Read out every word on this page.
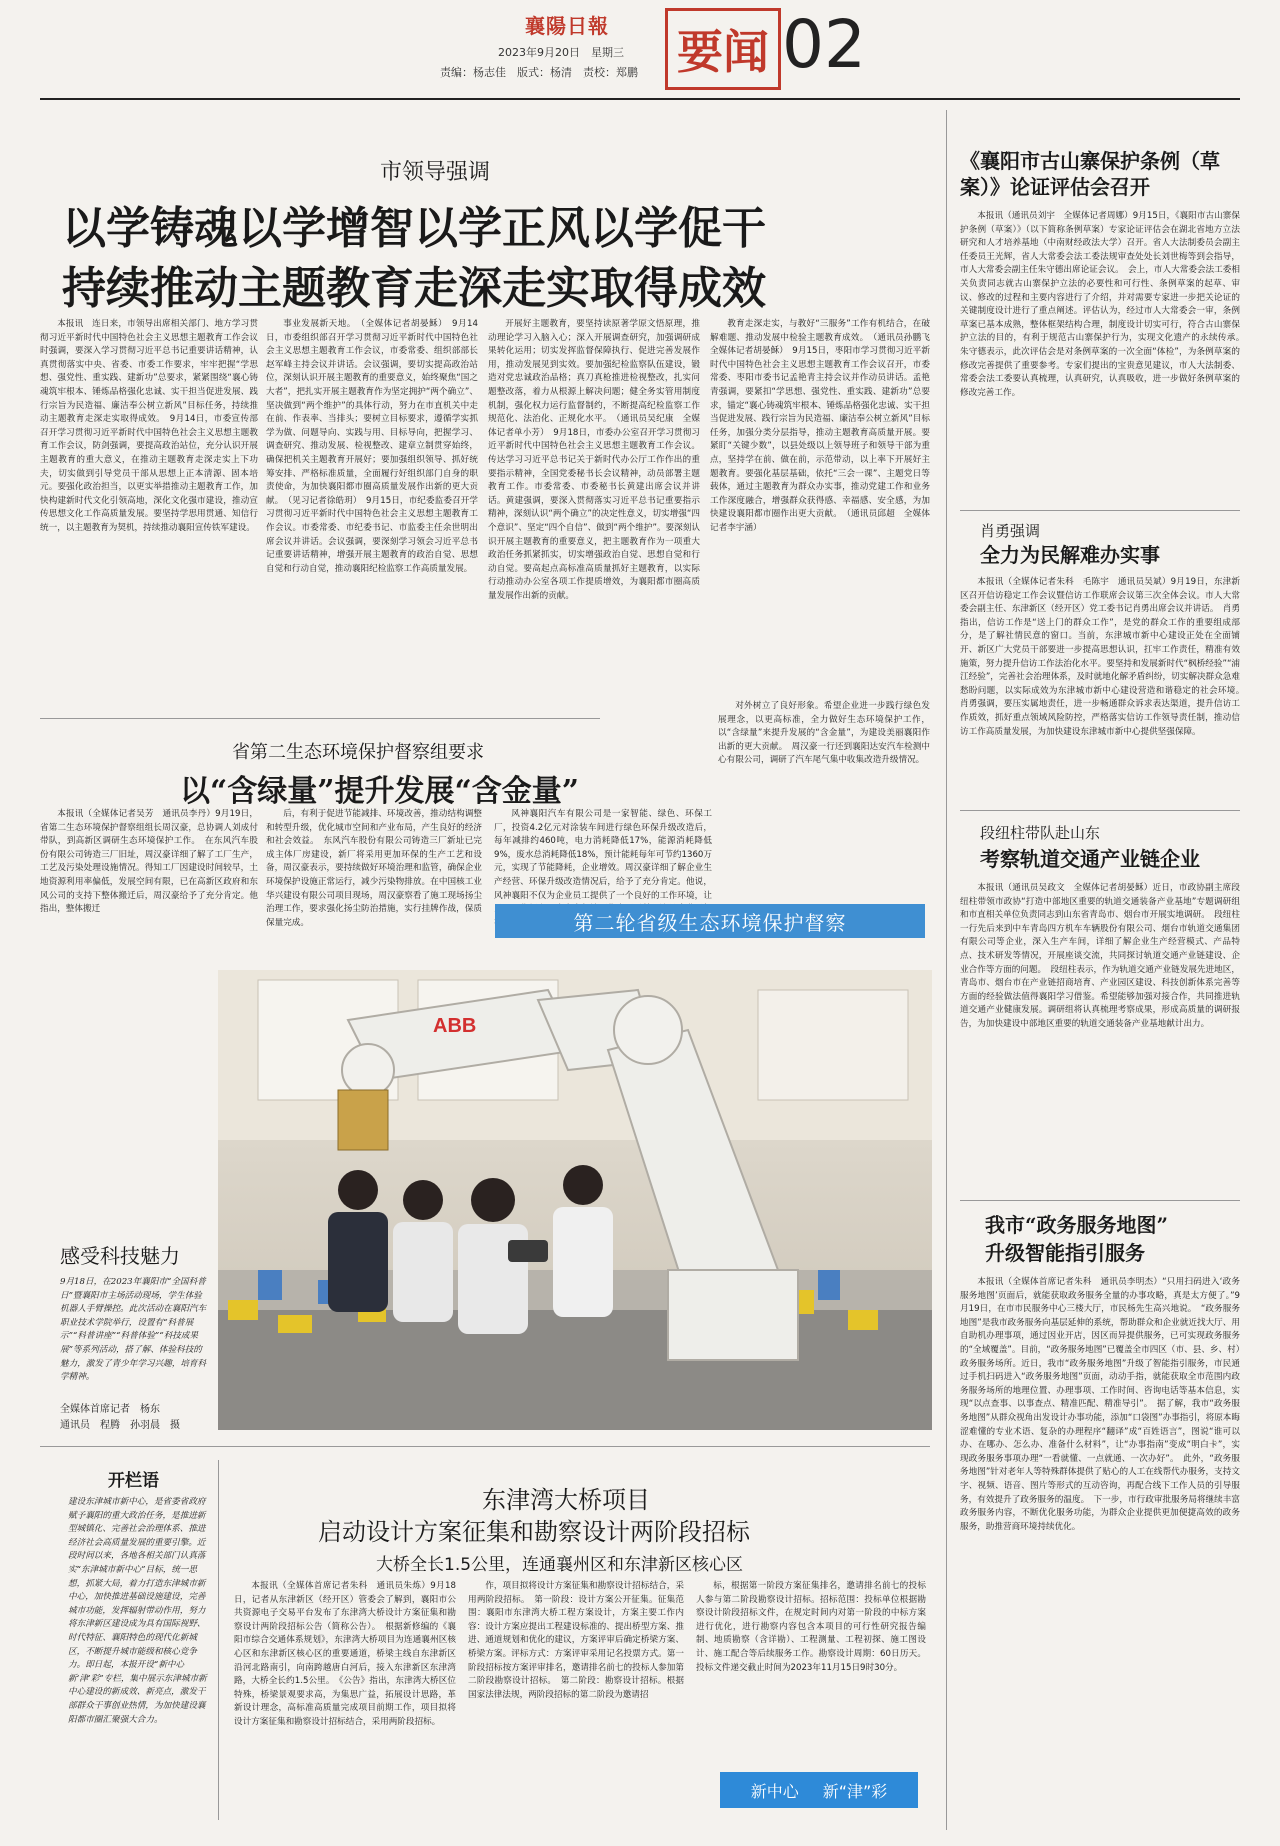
襄陽日報
2023年9月20日　星期三
责编：杨志佳　版式：杨清　责校：郑鹏 要闻 02
市领导强调
以学铸魂以学增智以学正风以学促干
持续推动主题教育走深走实取得成效

本报讯　连日来，市领导出席相关部门、地方学习贯彻习近平新时代中国特色社会主义思想主题教育工作会议时强调，要深入学习贯彻习近平总书记重要讲话精神，认真贯彻落实中央、省委、市委工作要求，牢牢把握“学思想、强党性、重实践、建新功”总要求，紧紧围绕“襄心铸魂筑牢根本、锤炼品格强化忠诚、实干担当促进发展、践行宗旨为民造福、廉洁奉公树立新风”目标任务，持续推动主题教育走深走实取得成效。　9月14日，市委宣传部召开学习贯彻习近平新时代中国特色社会主义思想主题教育工作会议，防剑强调，要提高政治站位，充分认识开展主题教育的重大意义，在推动主题教育走深走实上下功夫，切实做到引导党员干部从思想上正本清源、固本培元。要强化政治担当，以更实举措推动主题教育工作，加快构建新时代文化引领高地，深化文化强市建设，推动宣传思想文化工作高质量发展。要坚持学思用贯通、知信行统一，以主题教育为契机，持续推动襄阳宣传铁军建设。

事业发展新天地。　（全媒体记者胡晏稣）　9月14日，市委组织部召开学习贯彻习近平新时代中国特色社会主义思想主题教育工作会议，市委常委、组织部部长赵军峰主持会议并讲话。会议强调，要切实提高政治站位，深刻认识开展主题教育的重要意义，始终聚焦“国之大者”，把扎实开展主题教育作为坚定拥护“两个确立”、坚决做到“两个维护”的具体行动，努力在市直机关中走在前、作表率、当排头；要树立目标要求，遵循学实抓学为做、问题导向、实践与用、目标导向，把握学习、调查研究、推动发展、检视整改、建章立制贯穿始终，确保把机关主题教育开展好；要加强组织领导、抓好统筹安排、严格标准质量，全面履行好组织部门自身的职责使命，为加快襄阳都市圈高质量发展作出新的更大贡献。　（见习记者徐皓玥）　9月15日，市纪委监委召开学习贯彻习近平新时代中国特色社会主义思想主题教育工作会议。市委常委、市纪委书记、市监委主任余世明出席会议并讲话。会议强调，要深刻学习领会习近平总书记重要讲话精神，增强开展主题教育的政治自觉、思想自觉和行动自觉，推动襄阳纪检监察工作高质量发展。

开展好主题教育，要坚持读原著学原文悟原理，推动理论学习入脑入心；深入开展调查研究，加强调研成果转化运用；切实发挥监督保障执行、促进完善发展作用，推动发展见到实效。要加强纪检监察队伍建设，锻造对党忠诚政治品格；真刀真枪推进检视整改，扎实问题整改落，着力从根源上解决问题；健全务实管用制度机制，强化权力运行监督制约，不断提高纪检监察工作规范化、法治化、正规化水平。　（通讯员吴纪康　全媒体记者单小芳）　9月18日，市委办公室召开学习贯彻习近平新时代中国特色社会主义思想主题教育工作会议。传达学习习近平总书记关于新时代办公厅工作作出的重要指示精神，全国党委秘书长会议精神，动员部署主题教育工作。市委常委、市委秘书长黄建出席会议并讲话。黄建强调，要深入贯彻落实习近平总书记重要指示精神，深刻认识“两个确立”的决定性意义，切实增强“四个意识”、坚定“四个自信”、做到“两个维护”。要深刻认识开展主题教育的重要意义，把主题教育作为一项重大政治任务抓紧抓实，切实增强政治自觉、思想自觉和行动自觉。要高起点高标准高质量抓好主题教育，以实际行动推动办公室各项工作提质增效，为襄阳都市圈高质量发展作出新的贡献。

教育走深走实，与教好“三服务”工作有机结合，在破解难题、推动发展中检验主题教育成效。　（通讯员孙鹏飞　全媒体记者胡晏稣）　9月15日，枣阳市学习贯彻习近平新时代中国特色社会主义思想主题教育工作会议召开，市委常委、枣阳市委书记孟艳青主持会议并作动员讲话。孟艳青强调，要紧扣“学思想、强党性、重实践、建新功”总要求，锚定“襄心铸魂筑牢根本、锤炼品格强化忠诚、实干担当促进发展、践行宗旨为民造福、廉洁奉公树立新风”目标任务，加强分类分层指导，推动主题教育高质量开展。要紧盯“关键少数”，以县处级以上领导班子和领导干部为重点，坚持学在前、做在前，示范带动，以上率下开展好主题教育。要强化基层基础，依托“三会一课”、主题党日等载体，通过主题教育为群众办实事，推动党建工作和业务工作深度融合，增强群众获得感、幸福感、安全感，为加快建设襄阳都市圈作出更大贡献。　（通讯员邱超　全媒体记者李宇涵）

省第二生态环境保护督察组要求
以“含绿量”提升发展“含金量”

本报讯（全媒体记者吴芳　通讯员李丹）9月19日，省第二生态环境保护督察组组长周汉豪，总协调人刘成付带队，到高新区调研生态环境保护工作。　在东风汽车股份有限公司铸造三厂旧址，周汉豪详细了解了工厂生产，工艺及污染处理设施情况。得知工厂因建设时间较早，土地资源利用率偏低，发展空间有限，已在高新区政府和东风公司的支持下整体搬迁后，周汉豪给予了充分肯定。他指出，整体搬迁

后，有利于促进节能减排、环境改善，推动结构调整和转型升级，优化城市空间和产业布局，产生良好的经济和社会效益。　东风汽车股份有限公司铸造三厂新址已完成主体厂房建设，新厂将采用更加环保的生产工艺和设备，周汉豪表示，要持续做好环境治理和监管，确保企业环境保护设施正常运行，减少污染物排放。在中国核工业华兴建设有限公司项目现场，周汉豪察看了施工现场扬尘治理工作，要求强化扬尘防治措施，实行挂牌作战，保质保量完成。

风神襄阳汽车有限公司是一家智能、绿色、环保工厂，投资4.2亿元对涂装车间进行绿色环保升级改造后，每年减排约460吨，电力消耗降低17%，能源消耗降低9%，废水总消耗降低18%，预计能耗每年可节约1360万元，实现了节能降耗，企业增效。周汉豪详细了解企业生产经营、环保升级改造情况后，给予了充分肯定。他说，风神襄阳不仅为企业员工提供了一个良好的工作环境，让

对外树立了良好形象。希望企业进一步践行绿色发展理念，以更高标准，全力做好生态环境保护工作，以“含绿量”来提升发展的“含金量”，为建设美丽襄阳作出新的更大贡献。　周汉豪一行还到襄阳达安汽车检测中心有限公司，调研了汽车尾气集中收集改造升级情况。

第二轮省级生态环境保护督察
ABB
感受科技魅力
9月18日，在2023年襄阳市“全国科普日”暨襄阳市主场活动现场，学生体验机器人手臂操控。此次活动在襄阳汽车职业技术学院举行，设置有“科普展示”“科普讲座”“科普体验”“科技成果展”等系列活动，搭了解、体验科技的魅力，激发了青少年学习兴趣，培育科学精神。
全媒体首席记者　杨东
通讯员　程腾　孙羽晨　摄
开栏语
建设东津城市新中心，是省委省政府赋予襄阳的重大政治任务，是推进新型城镇化、完善社会治理体系、推进经济社会高质量发展的重要引擎。近段时间以来，各地各相关部门认真落实“东津城市新中心”目标，统一思想，抓紧大局，着力打造东津城市新中心，加快推进基础设施建设，完善城市功能，发挥辐射带动作用，努力将东津新区建设成为具有国际视野、时代特征、襄阳特色的现代化新城区，不断提升城市能级和核心竞争力。即日起，本报开设“新中心　新‘津’彩”专栏，集中展示东津城市新中心建设的新成效、新亮点，激发干部群众干事创业热情，为加快建设襄阳都市圈汇聚强大合力。
东津湾大桥项目
启动设计方案征集和勘察设计两阶段招标
大桥全长1.5公里，连通襄州区和东津新区核心区

本报讯（全媒体首席记者朱科　通讯员朱炼）9月18日，记者从东津新区（经开区）管委会了解到，襄阳市公共资源电子交易平台发布了东津湾大桥设计方案征集和勘察设计两阶段招标公告（简称公告）。　根据新修编的《襄阳市综合交通体系规划》，东津湾大桥项目为连通襄州区核心区和东津新区核心区的重要通道，桥梁主线自东津新区沿河北路南引，向南跨越唐白河后，接入东津新区东津湾路，大桥全长约1.5公里。　《公告》指出，东津湾大桥区位特殊，桥梁景观要求高，为集思广益，拓展设计思路，革新设计理念，高标准高质量完成项目前期工作，项目拟将设计方案征集和勘察设计招标结合，采用两阶段招标。

作，项目拟将设计方案征集和勘察设计招标结合，采用两阶段招标。　第一阶段：设计方案公开征集。征集范围：襄阳市东津湾大桥工程方案设计，方案主要工作内容：设计方案应提出工程建设标准的、提出桥型方案、推进、通道规划和优化的建议，方案评审后确定桥梁方案、桥梁方案。评标方式：方案评审采用记名投票方式。第一阶段招标按方案评审排名，邀请排名前七的投标人参加第二阶段勘察设计招标。　第二阶段：勘察设计招标。根据国家法律法规，两阶段招标的第二阶段为邀请招

标，根据第一阶段方案征集排名，邀请排名前七的投标人参与第二阶段勘察设计招标。招标范围：投标单位根据勘察设计阶段招标文件，在规定时间内对第一阶段的中标方案进行优化，进行勘察内容包含本项目的可行性研究报告编制、地质勘察（含详勘）、工程测量、工程初探、施工图设计、施工配合等后续服务工作。勘察设计周期：60日历天。投标文件递交截止时间为2023年11月15日9时30分。

新中心 新“津”彩
《襄阳市古山寨保护条例（草案）》论证评估会召开

本报讯（通讯员刘宇　全媒体记者周娜）9月15日，《襄阳市古山寨保护条例（草案）》（以下简称条例草案）专家论证评估会在湖北省地方立法研究和人才培养基地（中南财经政法大学）召开。省人大法制委员会副主任委员王光辉，省人大常委会法工委法规审查处处长刘世梅等到会指导，市人大常委会副主任朱守德出席论证会议。　会上，市人大常委会法工委相关负责同志就古山寨保护立法的必要性和可行性、条例草案的起草、审议、修改的过程和主要内容进行了介绍，并对需要专家进一步把关论证的关键制度设计进行了重点阐述。评估认为，经过市人大常委会一审，条例草案已基本成熟，整体框架结构合理，制度设计切实可行，符合古山寨保护立法的目的，有利于规范古山寨保护行为，实现文化遗产的永续传承。　朱守德表示，此次评估会是对条例草案的一次全面“体检”，为条例草案的修改完善提供了重要参考。专家们提出的宝贵意见建议，市人大法制委、常委会法工委要认真梳理，认真研究，认真吸收，进一步做好条例草案的修改完善工作。

肖勇强调
全力为民解难办实事

本报讯（全媒体记者朱科　毛陈宇　通讯员吴斌）9月19日，东津新区召开信访稳定工作会议暨信访工作联席会议第三次全体会议。市人大常委会副主任、东津新区（经开区）党工委书记肖勇出席会议并讲话。　肖勇指出，信访工作是“送上门的群众工作”，是党的群众工作的重要组成部分，是了解社情民意的窗口。当前，东津城市新中心建设正处在全面铺开、新区广大党员干部要进一步提高思想认识，扛牢工作责任，精准有效施策，努力提升信访工作法治化水平。要坚持和发展新时代“枫桥经验”“浦江经验”，完善社会治理体系，及时就地化解矛盾纠纷，切实解决群众急难愁盼问题，以实际成效为东津城市新中心建设营造和谐稳定的社会环境。　肖勇强调，要压实属地责任，进一步畅通群众诉求表达渠道，提升信访工作质效，抓好重点领域风险防控，严格落实信访工作领导责任制，推动信访工作高质量发展，为加快建设东津城市新中心提供坚强保障。

段纽柱带队赴山东
考察轨道交通产业链企业

本报讯（通讯员吴政文　全媒体记者胡晏稣）近日，市政协副主席段纽柱带领市政协“打造中部地区重要的轨道交通装备产业基地”专题调研组和市直相关单位负责同志到山东省青岛市、烟台市开展实地调研。　段纽柱一行先后来到中车青岛四方机车车辆股份有限公司、烟台市轨道交通集团有限公司等企业，深入生产车间，详细了解企业生产经营模式、产品特点、技术研发等情况，开展座谈交流，共同探讨轨道交通产业链建设、企业合作等方面的问题。　段纽柱表示，作为轨道交通产业链发展先进地区，青岛市、烟台市在产业链招商培育、产业园区建设、科技创新体系完善等方面的经验做法值得襄阳学习借鉴。希望能够加强对接合作，共同推进轨道交通产业健康发展。调研组将认真梳理考察成果，形成高质量的调研报告，为加快建设中部地区重要的轨道交通装备产业基地献计出力。

我市“政务服务地图”
升级智能指引服务

本报讯（全媒体首席记者朱科　通讯员李明杰）“只用扫码进入‘政务服务地图’页面后，就能获取政务服务全量的办事攻略，真是太方便了。”9月19日，在市市民服务中心三楼大厅，市民杨先生高兴地说。　“政务服务地图”是我市政务服务向基层延伸的系统，帮助群众和企业就近找大厅、用自助机办理事项，通过因业开店，因区而异提供服务，已可实现政务服务的“全域覆盖”。目前，“政务服务地图”已覆盖全市四区（市、县、乡、村）政务服务场所。近日，我市“政务服务地图”升级了智能指引服务，市民通过手机扫码进入“政务服务地图”页面，动动手指，就能获取全市范围内政务服务场所的地理位置、办理事项、工作时间、咨询电话等基本信息，实现“以点查事、以事查点、精准匹配、精准导引”。　据了解，我市“政务服务地图”从群众视角出发设计办事功能，添加“口袋图”办事指引，将原本晦涩难懂的专业术语、复杂的办理程序“翻译”成“百姓语言”，图说“谁可以办、在哪办、怎么办、准备什么材料”，让“办事指南”变成“明白卡”，实现政务服务事项办理“一看就懂、一点就通、一次办好”。　此外，“政务服务地图”针对老年人等特殊群体提供了贴心的人工在线帮代办服务，支持文字、视频、语音、图片等形式的互动咨询，再配合线下工作人员的引导服务，有效提升了政务服务的温度。　下一步，市行政审批服务局将继续丰富政务服务内容，不断优化服务功能，为群众企业提供更加便捷高效的政务服务，助推营商环境持续优化。
